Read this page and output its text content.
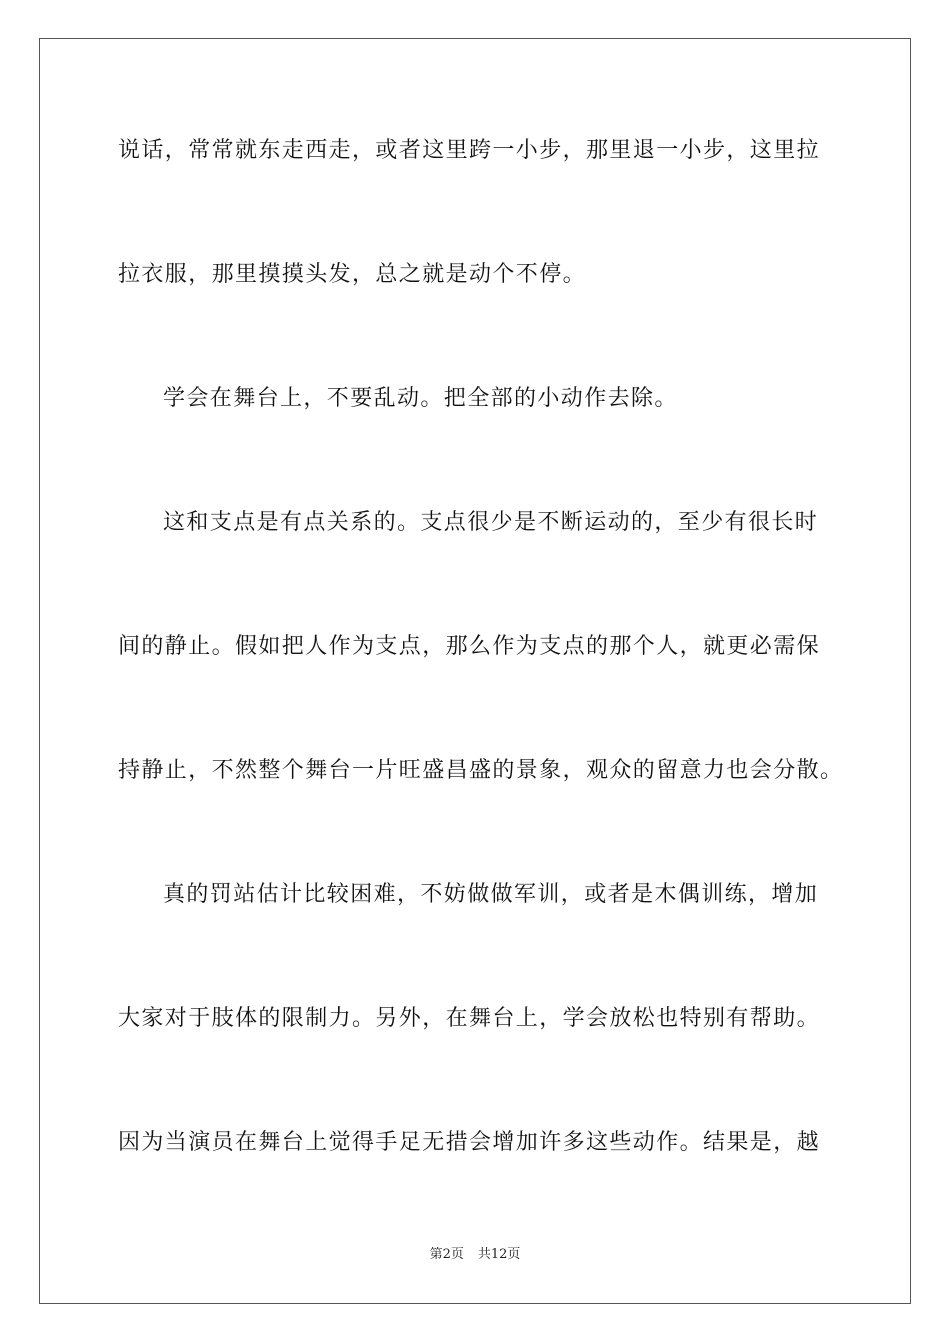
说话，常常就东走西走，或者这里跨一小步，那里退一小步，这里拉
拉衣服，那里摸摸头发，总之就是动个不停。
学会在舞台上，不要乱动。把全部的小动作去除。
这和支点是有点关系的。支点很少是不断运动的，至少有很长时
间的静止。假如把人作为支点，那么作为支点的那个人，就更必需保
持静止，不然整个舞台一片旺盛昌盛的景象，观众的留意力也会分散。
真的罚站估计比较困难，不妨做做军训，或者是木偶训练，增加
大家对于肢体的限制力。另外，在舞台上，学会放松也特别有帮助。
因为当演员在舞台上觉得手足无措会增加许多这些动作。结果是，越
第2页 共12页
